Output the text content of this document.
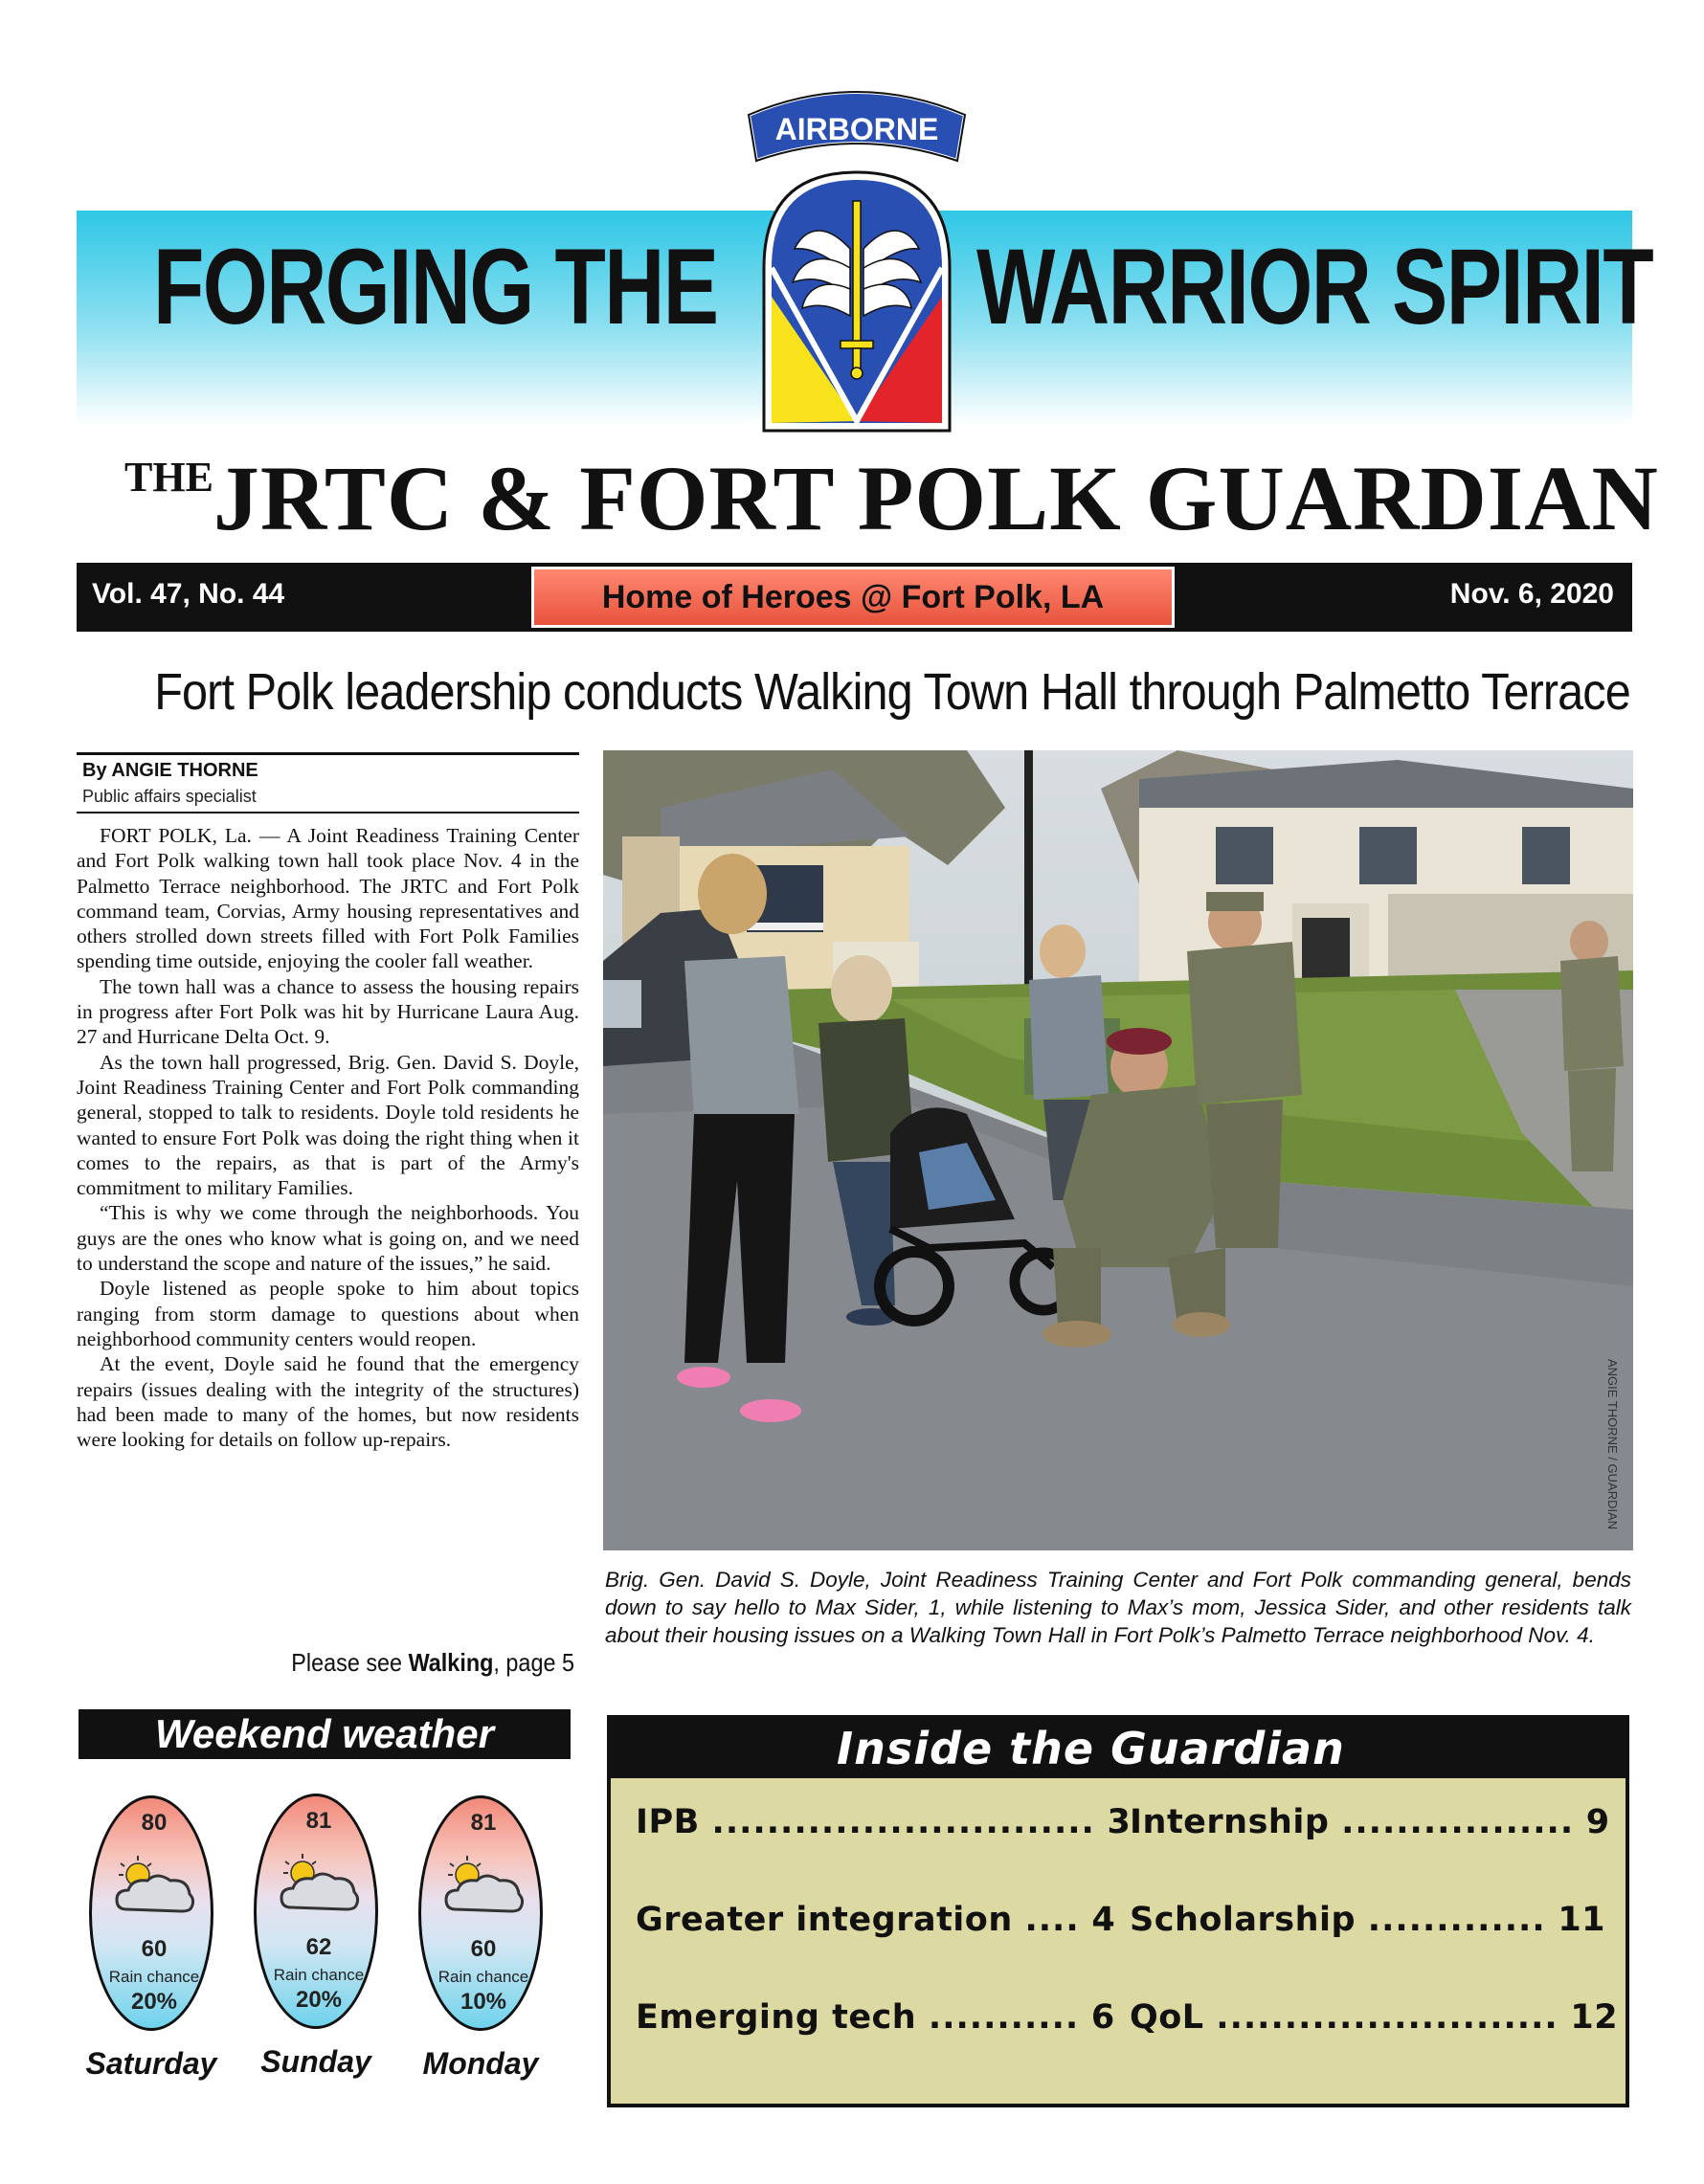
FORGING THE WARRIOR SPIRIT
AIRBORNE
THEJRTC & FORT POLK GUARDIAN
Vol. 47, No. 44	Home of Heroes @ Fort Polk, LA	Nov. 6, 2020
Fort Polk leadership conducts Walking Town Hall through Palmetto Terrace
By ANGIE THORNE
Public affairs specialist

FORT POLK, La. — A Joint Readiness Training Center and Fort Polk walking town hall took place Nov. 4 in the Palmetto Terrace neighborhood. The JRTC and Fort Polk command team, Corvias, Army housing representatives and others strolled down streets filled with Fort Polk Families spending time outside, enjoying the cooler fall weather.

The town hall was a chance to assess the housing repairs in progress after Fort Polk was hit by Hurricane Laura Aug. 27 and Hurricane Delta Oct. 9.

As the town hall progressed, Brig. Gen. David S. Doyle, Joint Readiness Training Center and Fort Polk commanding general, stopped to talk to residents. Doyle told residents he wanted to ensure Fort Polk was doing the right thing when it comes to the repairs, as that is part of the Army's commitment to military Families.

“This is why we come through the neighborhoods. You guys are the ones who know what is going on, and we need to understand the scope and nature of the issues,” he said.

Doyle listened as people spoke to him about topics ranging from storm damage to questions about when neighborhood community centers would reopen.

At the event, Doyle said he found that the emergency repairs (issues dealing with the integrity of the structures) had been made to many of the homes, but now residents were looking for details on follow up-repairs.

Please see Walking, page 5
ANGIE THORNE / GUARDIAN
Brig. Gen. David S. Doyle, Joint Readiness Training Center and Fort Polk commanding general, bends down to say hello to Max Sider, 1, while listening to Max’s mom, Jessica Sider, and other residents talk about their housing issues on a Walking Town Hall in Fort Polk’s Palmetto Terrace neighborhood Nov. 4.
Weekend weather
80
60
Rain chance
20%
Saturday
81
62
Rain chance
20%
Sunday
81
60
Rain chance
10%
Monday
Inside the Guardian
IPB ............................ 3
Internship ................. 9
Greater integration .... 4 Scholarship ............. 11
Emerging tech ........... 6 QoL ......................... 12
